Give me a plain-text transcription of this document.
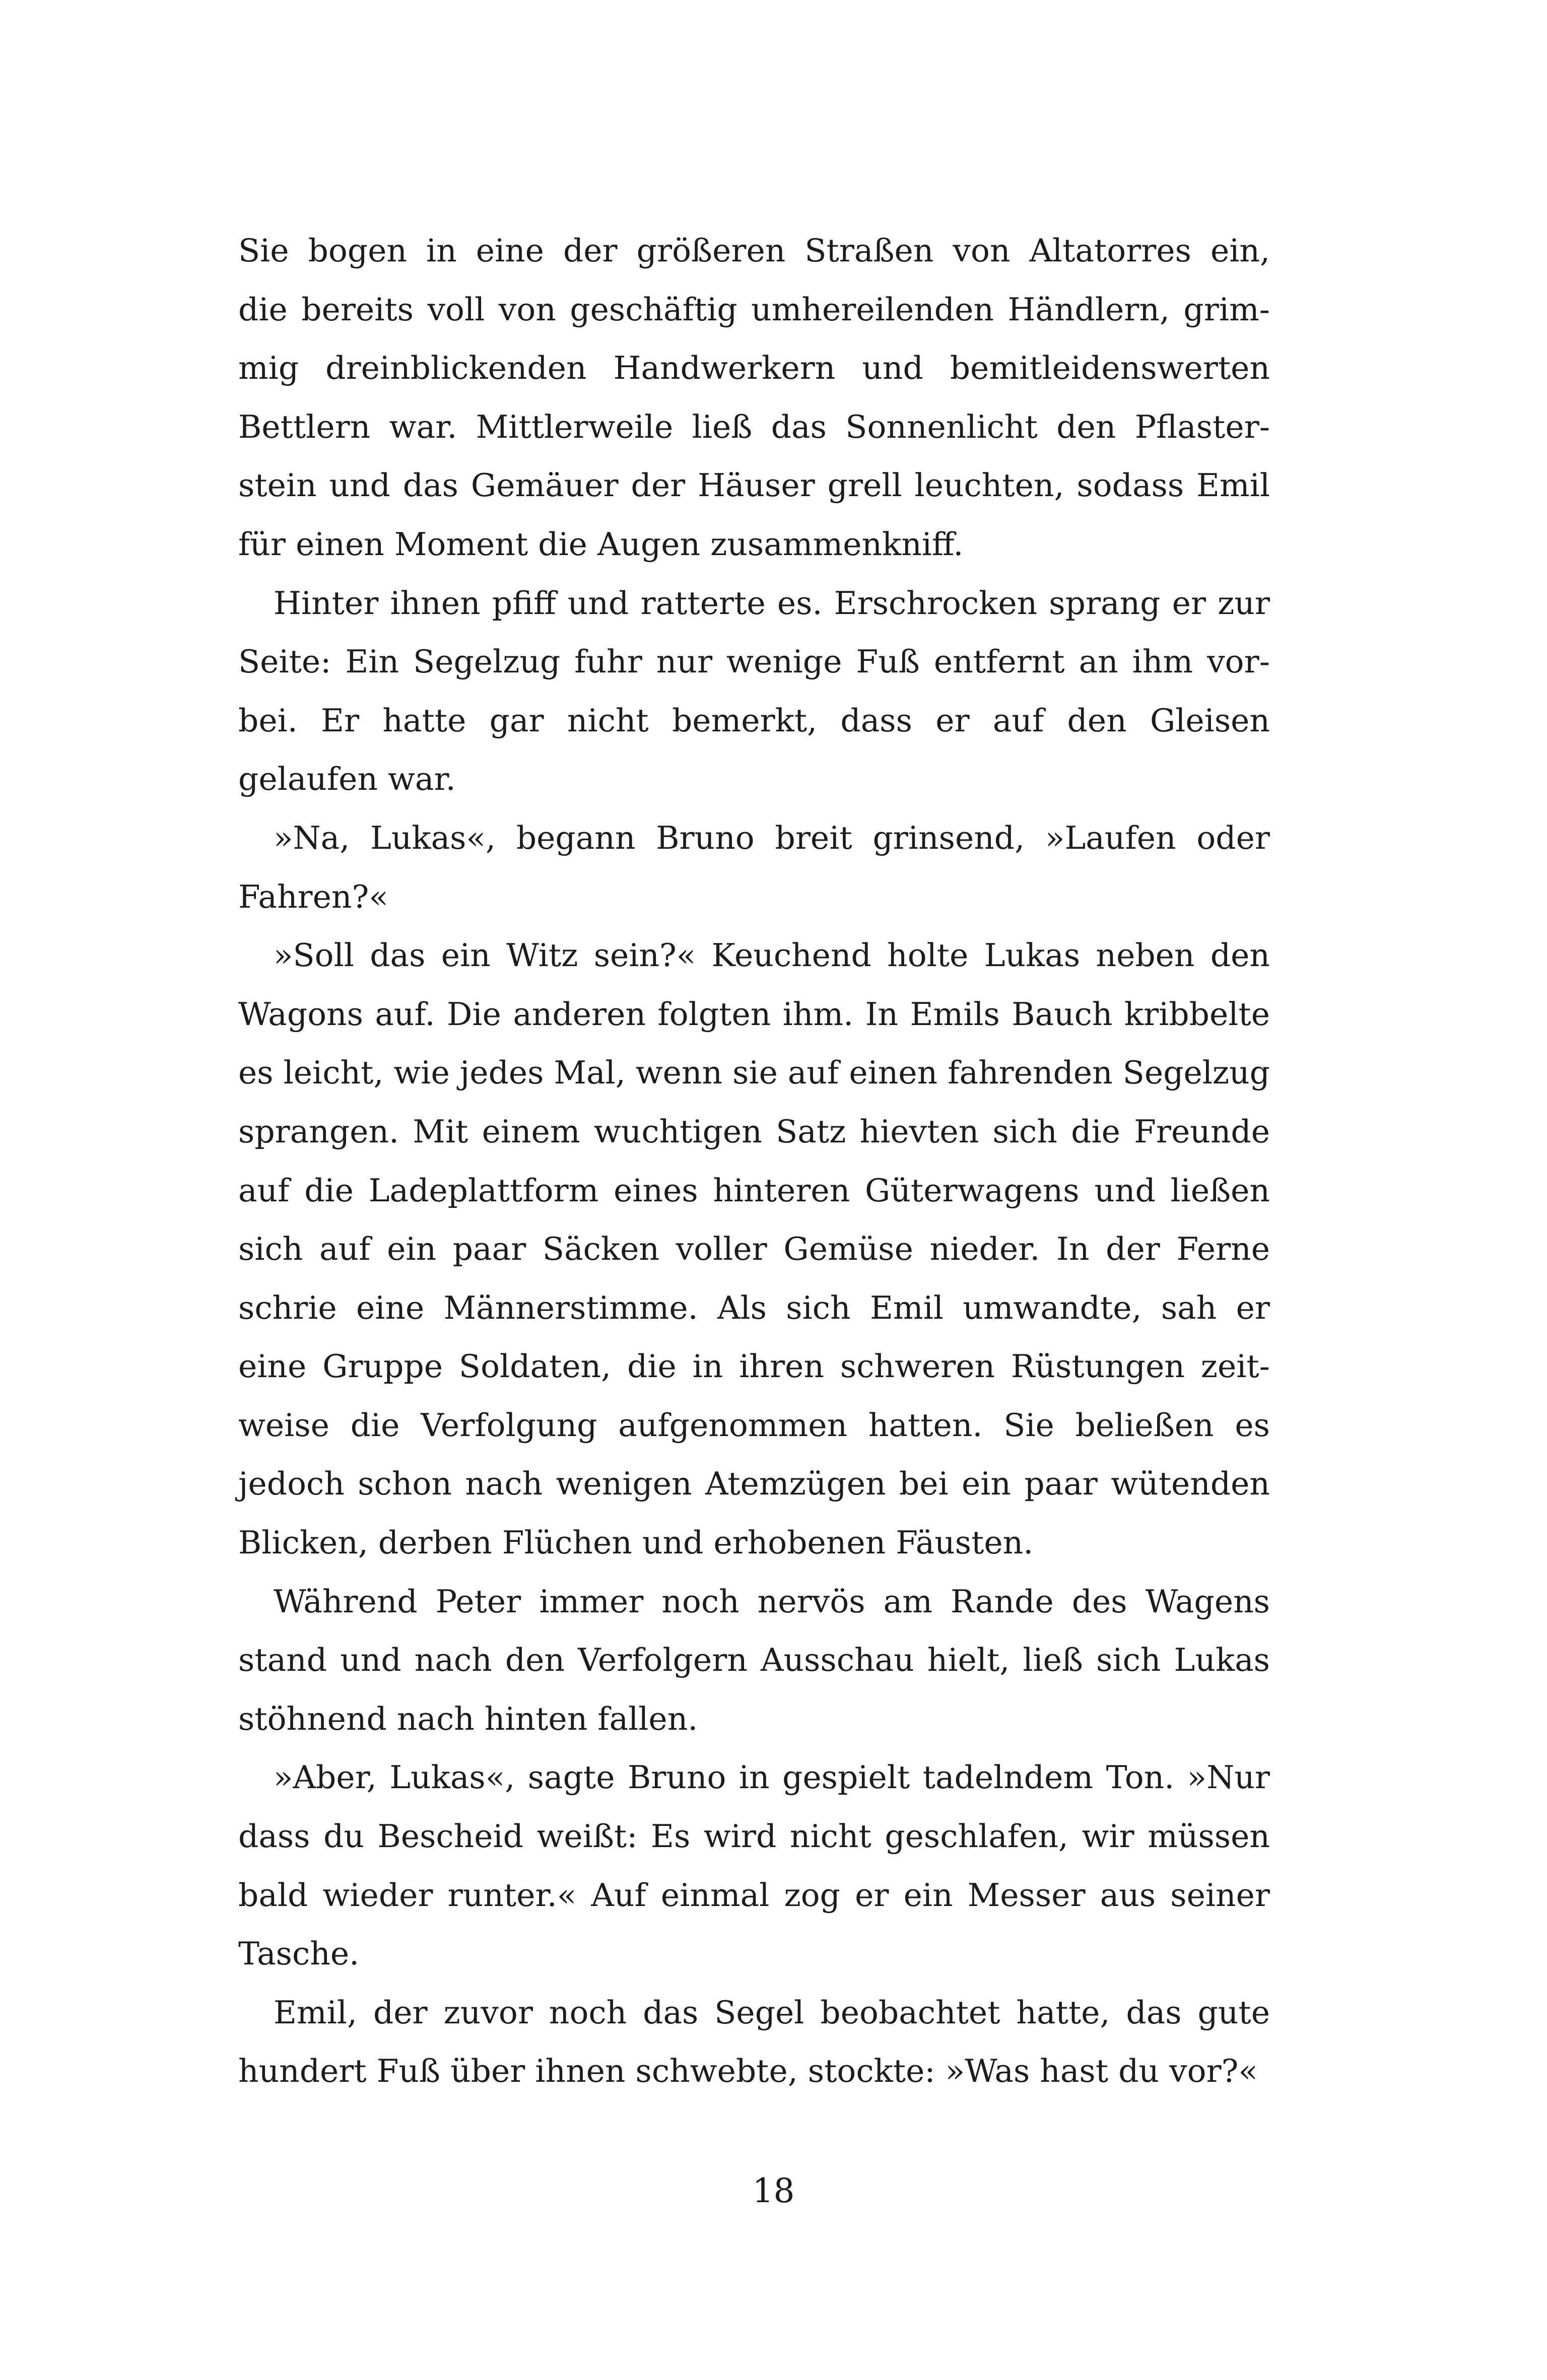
Sie bogen in eine der größeren Straßen von Altatorres ein,
die bereits voll von geschäftig umhereilenden Händlern, grim-
mig dreinblickenden Handwerkern und bemitleidenswerten
Bettlern war. Mittlerweile ließ das Sonnenlicht den Pflaster-
stein und das Gemäuer der Häuser grell leuchten, sodass Emil
für einen Moment die Augen zusammenkniff.
Hinter ihnen pfiff und ratterte es. Erschrocken sprang er zur
Seite: Ein Segelzug fuhr nur wenige Fuß entfernt an ihm vor-
bei. Er hatte gar nicht bemerkt, dass er auf den Gleisen
gelaufen war.
»Na, Lukas«, begann Bruno breit grinsend, »Laufen oder
Fahren?«
»Soll das ein Witz sein?« Keuchend holte Lukas neben den
Wagons auf. Die anderen folgten ihm. In Emils Bauch kribbelte
es leicht, wie jedes Mal, wenn sie auf einen fahrenden Segelzug
sprangen. Mit einem wuchtigen Satz hievten sich die Freunde
auf die Ladeplattform eines hinteren Güterwagens und ließen
sich auf ein paar Säcken voller Gemüse nieder. In der Ferne
schrie eine Männerstimme. Als sich Emil umwandte, sah er
eine Gruppe Soldaten, die in ihren schweren Rüstungen zeit-
weise die Verfolgung aufgenommen hatten. Sie beließen es
jedoch schon nach wenigen Atemzügen bei ein paar wütenden
Blicken, derben Flüchen und erhobenen Fäusten.
Während Peter immer noch nervös am Rande des Wagens
stand und nach den Verfolgern Ausschau hielt, ließ sich Lukas
stöhnend nach hinten fallen.
»Aber, Lukas«, sagte Bruno in gespielt tadelndem Ton. »Nur
dass du Bescheid weißt: Es wird nicht geschlafen, wir müssen
bald wieder runter.« Auf einmal zog er ein Messer aus seiner
Tasche.
Emil, der zuvor noch das Segel beobachtet hatte, das gute
hundert Fuß über ihnen schwebte, stockte: »Was hast du vor?«
18
